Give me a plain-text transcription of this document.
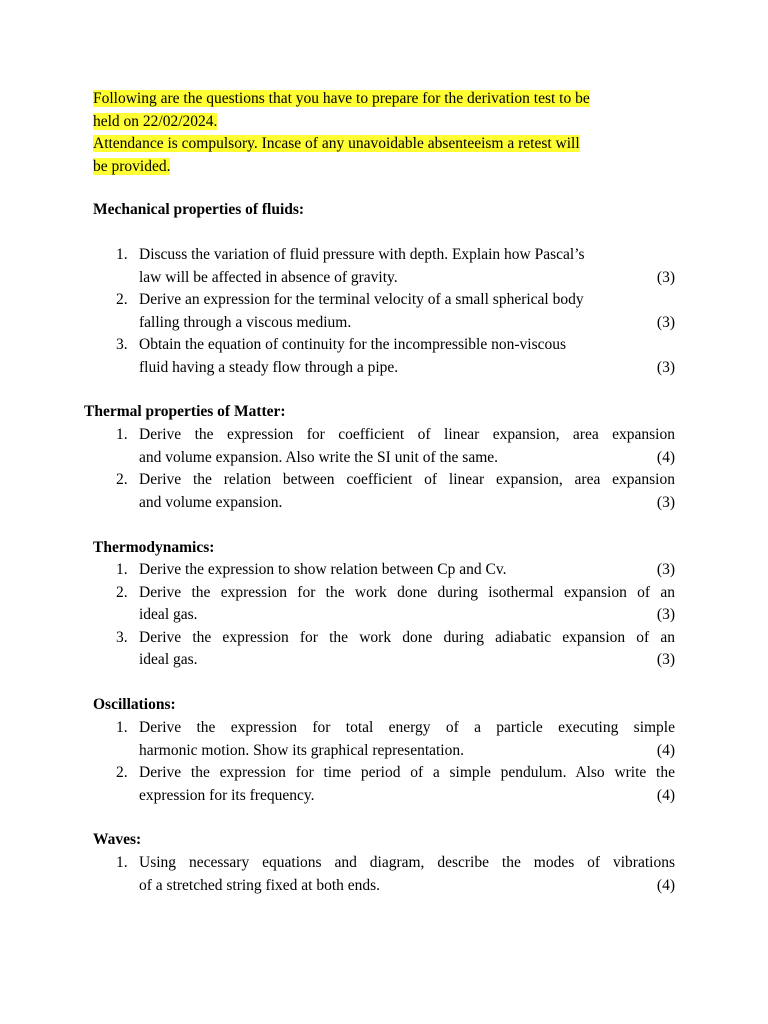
Following are the questions that you have to prepare for the derivation test to be
held on 22/02/2024.
Attendance is compulsory. Incase of any unavoidable absenteeism a retest will
be provided.
Mechanical properties of fluids:
1. Discuss the variation of fluid pressure with depth. Explain how Pascal’s
law will be affected in absence of gravity.	(3)
2. Derive an expression for the terminal velocity of a small spherical body
falling through a viscous medium.	(3)
3. Obtain the equation of continuity for the incompressible non-viscous
fluid having a steady flow through a pipe.	(3)
Thermal properties of Matter:
1. Derive the expression for coefficient of linear expansion, area expansion
and volume expansion. Also write the SI unit of the same.	(4)
2. Derive the relation between coefficient of linear expansion, area expansion
and volume expansion.	(3)
Thermodynamics:
1. Derive the expression to show relation between Cp and Cv.	(3)
2. Derive the expression for the work done during isothermal expansion of an
ideal gas.	(3)
3. Derive the expression for the work done during adiabatic expansion of an
ideal gas.	(3)
Oscillations:
1. Derive the expression for total energy of a particle executing simple
harmonic motion. Show its graphical representation.	(4)
2. Derive the expression for time period of a simple pendulum. Also write the
expression for its frequency.	(4)
Waves:
1. Using necessary equations and diagram, describe the modes of vibrations
of a stretched string fixed at both ends.	(4)
